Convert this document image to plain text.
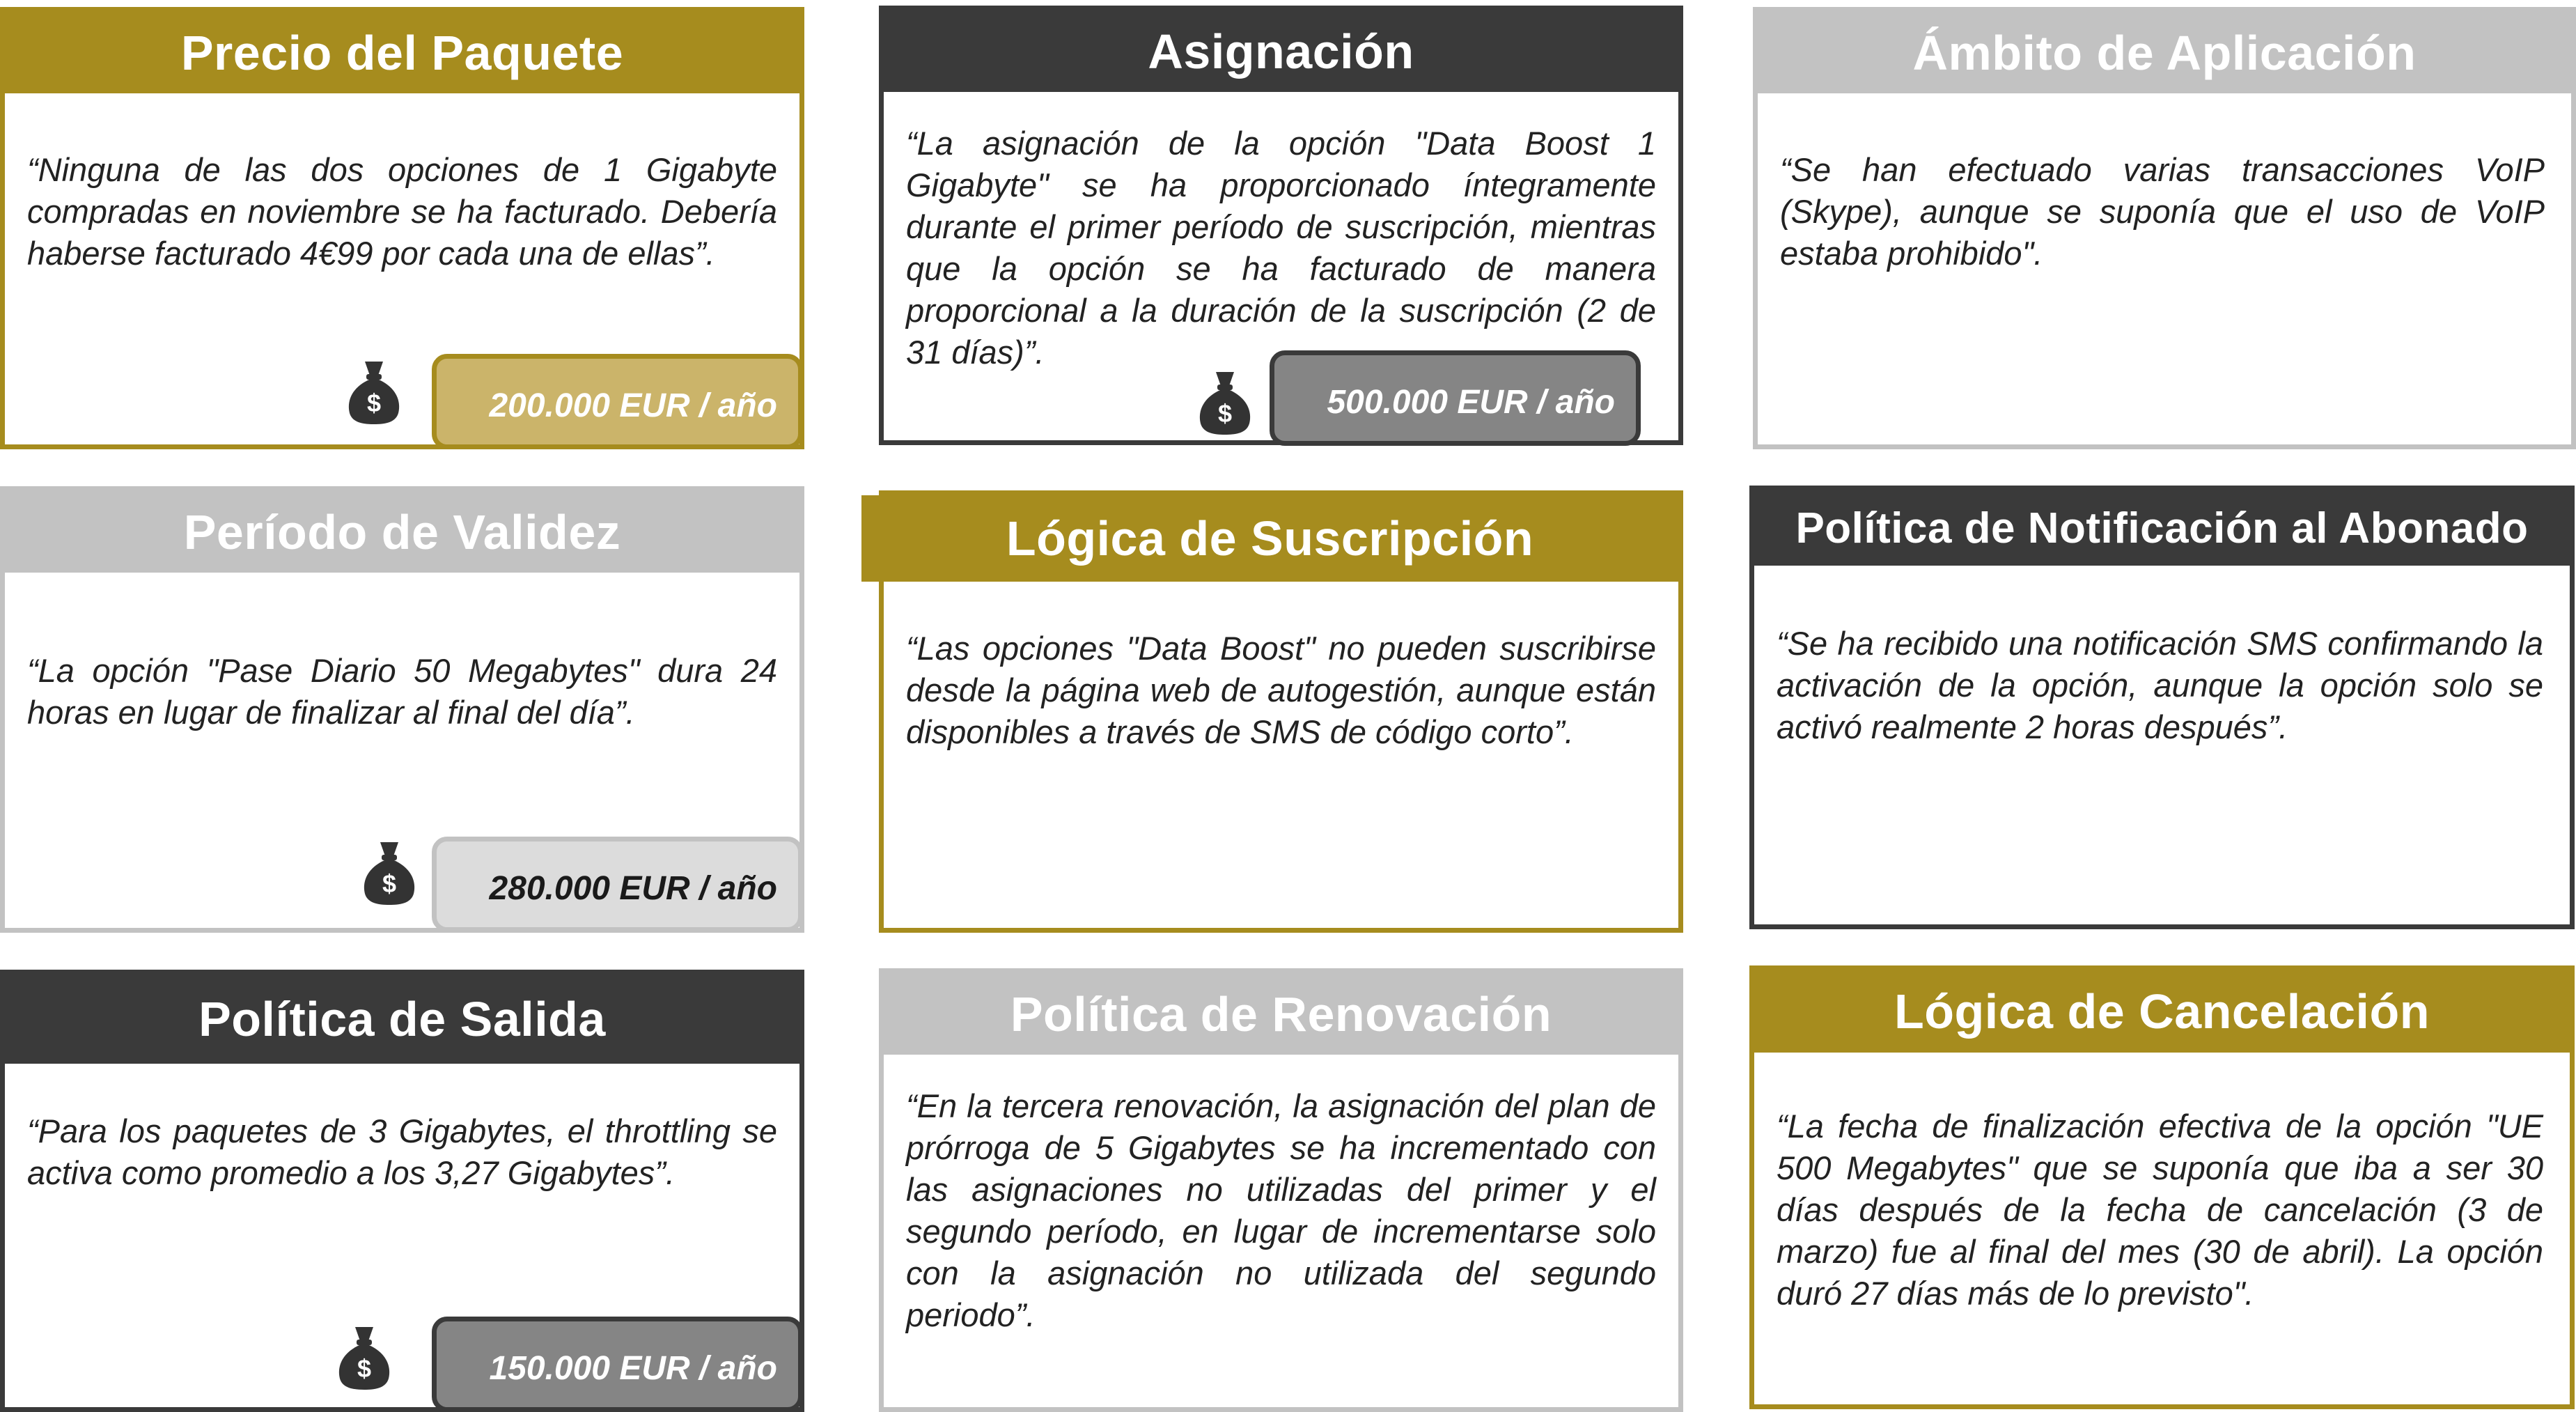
Precio del Paquete
“Ninguna de las dos opciones de 1 Gigabyte compradas en noviembre se ha facturado. Debería haberse facturado 4€99 por cada una de ellas”.
200.000 EUR / año
Asignación
“La asignación de la opción "Data Boost 1 Gigabyte" se ha proporcionado íntegramente durante el primer período de suscripción, mientras que la opción se ha facturado de manera proporcional a la duración de la suscripción (2 de 31 días)”.
500.000 EUR / año
Ámbito de Aplicación
“Se han efectuado varias transacciones VoIP (Skype), aunque se suponía que el uso de VoIP estaba prohibido".
Período de Validez
“La opción "Pase Diario 50 Megabytes" dura 24 horas en lugar de finalizar al final del día”.
280.000 EUR / año
Lógica de Suscripción
“Las opciones "Data Boost" no pueden suscribirse desde la página web de autogestión, aunque están disponibles a través de SMS de código corto”.
Política de Notificación al Abonado
“Se ha recibido una notificación SMS confirmando la activación de la opción, aunque la opción solo se activó realmente 2 horas después”.
Política de Salida
“Para los paquetes de 3 Gigabytes, el throttling se activa como promedio a los 3,27 Gigabytes”.
150.000 EUR / año
Política de Renovación
“En la tercera renovación, la asignación del plan de prórroga de 5 Gigabytes se ha incrementado con las asignaciones no utilizadas del primer y el segundo período, en lugar de incrementarse solo con la asignación no utilizada del segundo periodo”.
Lógica de Cancelación
“La fecha de finalización efectiva de la opción "UE 500 Megabytes" que se suponía que iba a ser 30 días después de la fecha de cancelación (3 de marzo) fue al final del mes (30 de abril). La opción duró 27 días más de lo previsto".
